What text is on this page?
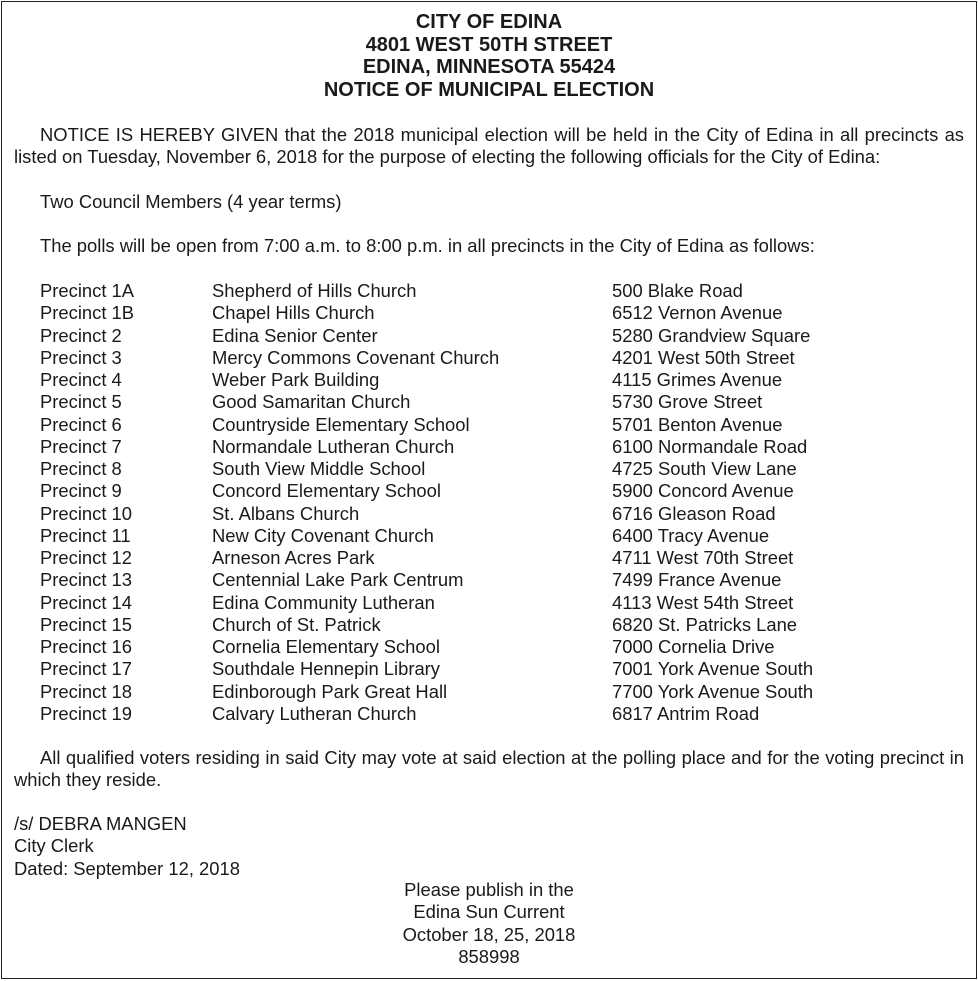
CITY OF EDINA
4801 WEST 50TH STREET
EDINA, MINNESOTA 55424
NOTICE OF MUNICIPAL ELECTION
NOTICE IS HEREBY GIVEN that the 2018 municipal election will be held in the City of Edina in all precincts as listed on Tuesday, November 6, 2018 for the purpose of electing the following officials for the City of Edina:
Two Council Members (4 year terms)
The polls will be open from 7:00 a.m. to 8:00 p.m. in all precincts in the City of Edina as follows:
Precinct 1A	Shepherd of Hills Church	500 Blake Road
Precinct 1B	Chapel Hills Church	6512 Vernon Avenue
Precinct 2	Edina Senior Center	5280 Grandview Square
Precinct 3	Mercy Commons Covenant Church	4201 West 50th Street
Precinct 4	Weber Park Building	4115 Grimes Avenue
Precinct 5	Good Samaritan Church	5730 Grove Street
Precinct 6	Countryside Elementary School	5701 Benton Avenue
Precinct 7	Normandale Lutheran Church	6100 Normandale Road
Precinct 8	South View Middle School	4725 South View Lane
Precinct 9	Concord Elementary School	5900 Concord Avenue
Precinct 10	St. Albans Church	6716 Gleason Road
Precinct 11	New City Covenant Church	6400 Tracy Avenue
Precinct 12	Arneson Acres Park	4711 West 70th Street
Precinct 13	Centennial Lake Park Centrum	7499 France Avenue
Precinct 14	Edina Community Lutheran	4113 West 54th Street
Precinct 15	Church of St. Patrick	6820 St. Patricks Lane
Precinct 16	Cornelia Elementary School	7000 Cornelia Drive
Precinct 17	Southdale Hennepin Library	7001 York Avenue South
Precinct 18	Edinborough Park Great Hall	7700 York Avenue South
Precinct 19	Calvary Lutheran Church	6817 Antrim Road
All qualified voters residing in said City may vote at said election at the polling place and for the voting precinct in which they reside.
/s/ DEBRA MANGEN
City Clerk
Dated: September 12, 2018
Please publish in the
Edina Sun Current
October 18, 25, 2018
858998
